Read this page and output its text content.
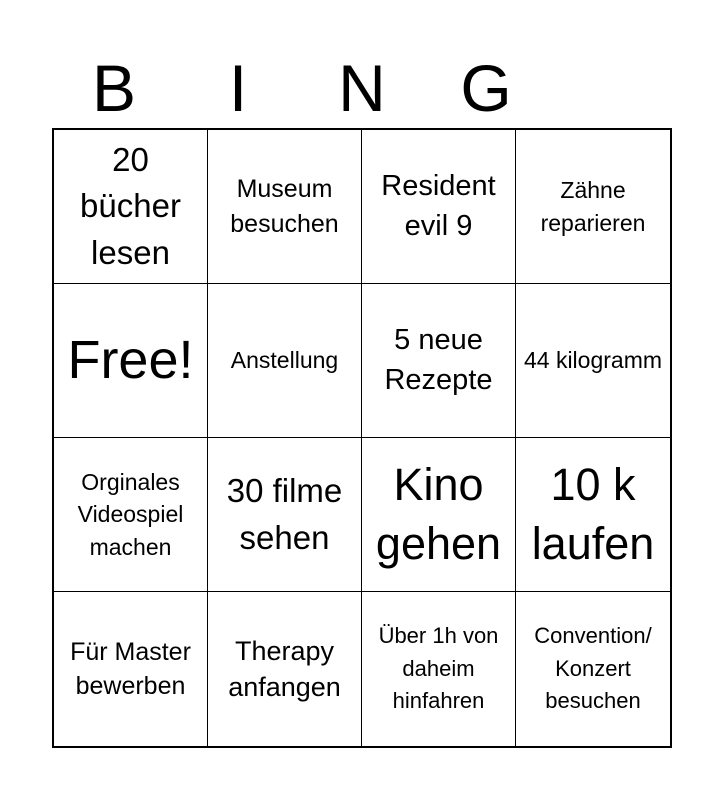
B	I	N	G
20 bücher lesen
Museum besuchen
Resident evil 9
Zähne reparieren
Free! Anstellung
5 neue Rezepte
44 kilogramm
Orginales Videospiel machen
30 filme sehen
Kino gehen
10 k laufen
Für Master bewerben
Therapy anfangen
Über 1h von daheim hinfahren
Convention/ Konzert besuchen
